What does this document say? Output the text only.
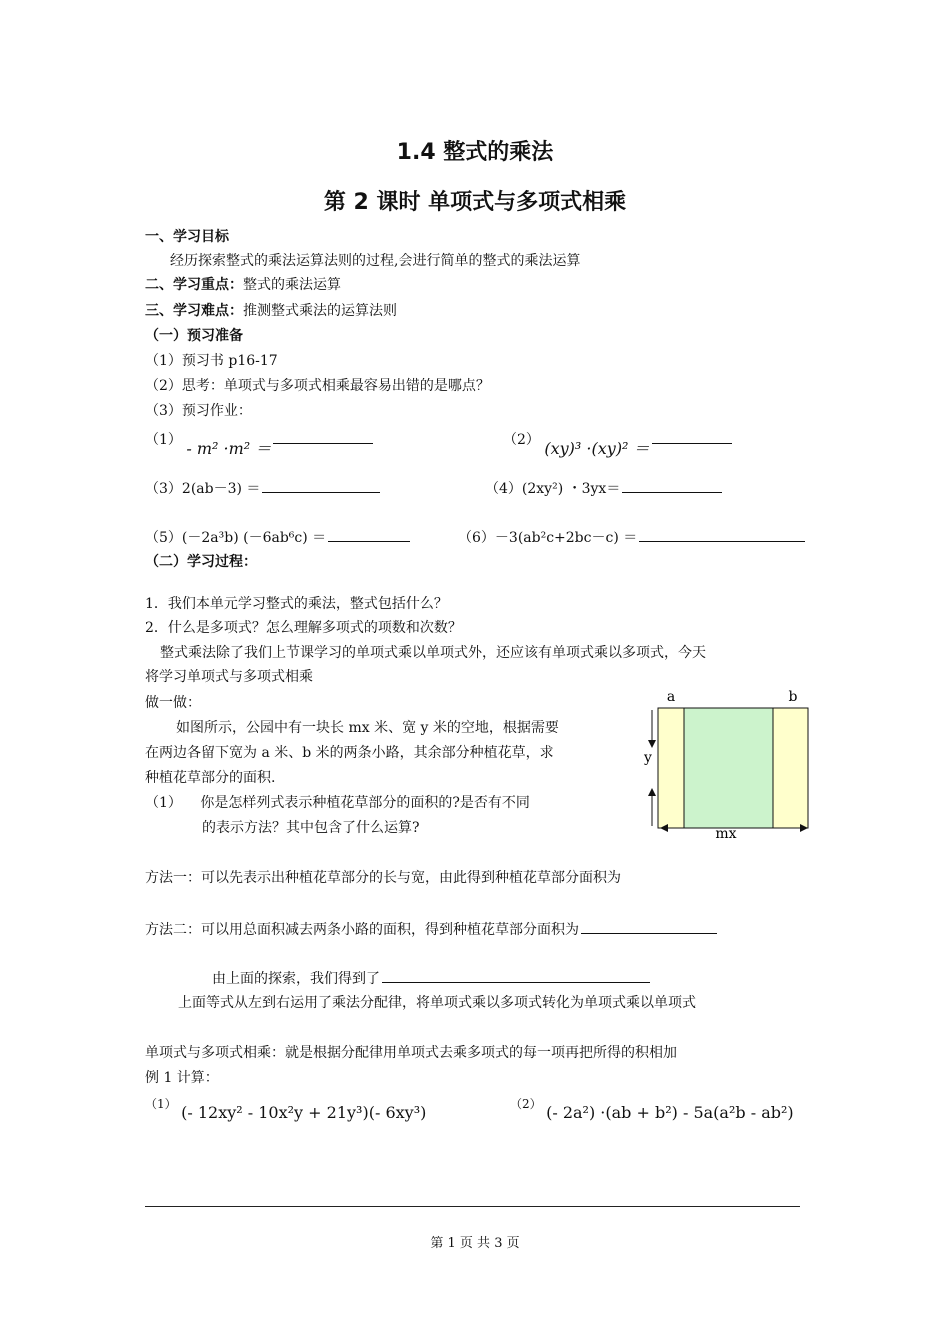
1.4 整式的乘法
第 2 课时 单项式与多项式相乘
一、学习目标
经历探索整式的乘法运算法则的过程,会进行简单的整式的乘法运算
二、学习重点：整式的乘法运算
三、学习难点：推测整式乘法的运算法则
（一）预习准备
（1）预习书 p16-17
（2）思考：单项式与多项式相乘最容易出错的是哪点？
（3）预习作业：
（1） - m² ·m² ＝	（2） (xy)³ ·(xy)² ＝
（3）2(ab－3) ＝	（4）(2xy²) ・3yx＝
（5）(－2a³b) (－6ab⁶c) ＝	（6）－3(ab²c+2bc－c) ＝
（二）学习过程：
1．我们本单元学习整式的乘法，整式包括什么？
2．什么是多项式？怎么理解多项式的项数和次数？
整式乘法除了我们上节课学习的单项式乘以单项式外，还应该有单项式乘以多项式，今天
将学习单项式与多项式相乘
做一做：
如图所示，公园中有一块长 mx 米、宽 y 米的空地，根据需要
在两边各留下宽为 a 米、b 米的两条小路，其余部分种植花草，求
种植花草部分的面积.
（1） 你是怎样列式表示种植花草部分的面积的?是否有不同
的表示方法？其中包含了什么运算?
a	b
y
mx
方法一：可以先表示出种植花草部分的长与宽，由此得到种植花草部分面积为
方法二：可以用总面积减去两条小路的面积，得到种植花草部分面积为
由上面的探索，我们得到了
上面等式从左到右运用了乘法分配律，将单项式乘以多项式转化为单项式乘以单项式
单项式与多项式相乘：就是根据分配律用单项式去乘多项式的每一项再把所得的积相加
例 1 计算：
（1） (- 12xy² - 10x²y + 21y³)(- 6xy³)	（2） (- 2a²) ·(ab + b²) - 5a(a²b - ab²)
第 1 页 共 3 页
